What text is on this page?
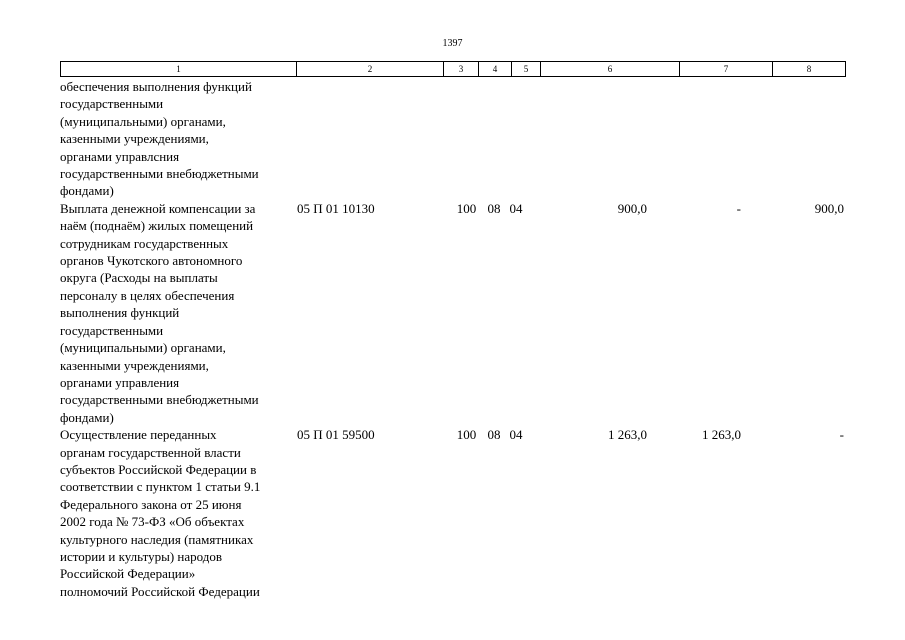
1397
1	2	3	4	5	6	7	8
обеспечения выполнения функций
государственными
(муниципальными) органами,
казенными учреждениями,
органами управлсния
государственными внебюджетными
фондами)
Выплата денежной компенсации за
наём (поднаём) жилых помещений
сотрудникам государственных
органов Чукотского автономного
округа (Расходы на выплаты
персоналу в целях обеспечения
выполнения функций
государственными
(муниципальными) органами,
казенными учреждениями,
органами управления
государственными внебюджетными
фондами)
05 П 01 10130	100 08 04	900,0	-	900,0
Осуществление переданных
органам государственной власти
субъектов Российской Федерации в
соответствии с пунктом 1 статьи 9.1
Федерального закона от 25 июня
2002 года № 73-ФЗ «Об объектах
культурного наследия (памятниках
истории и культуры) народов
Российской Федерации»
полномочий Российской Федерации
05 П 01 59500	100 08 04	1 263,0	1 263,0	-
